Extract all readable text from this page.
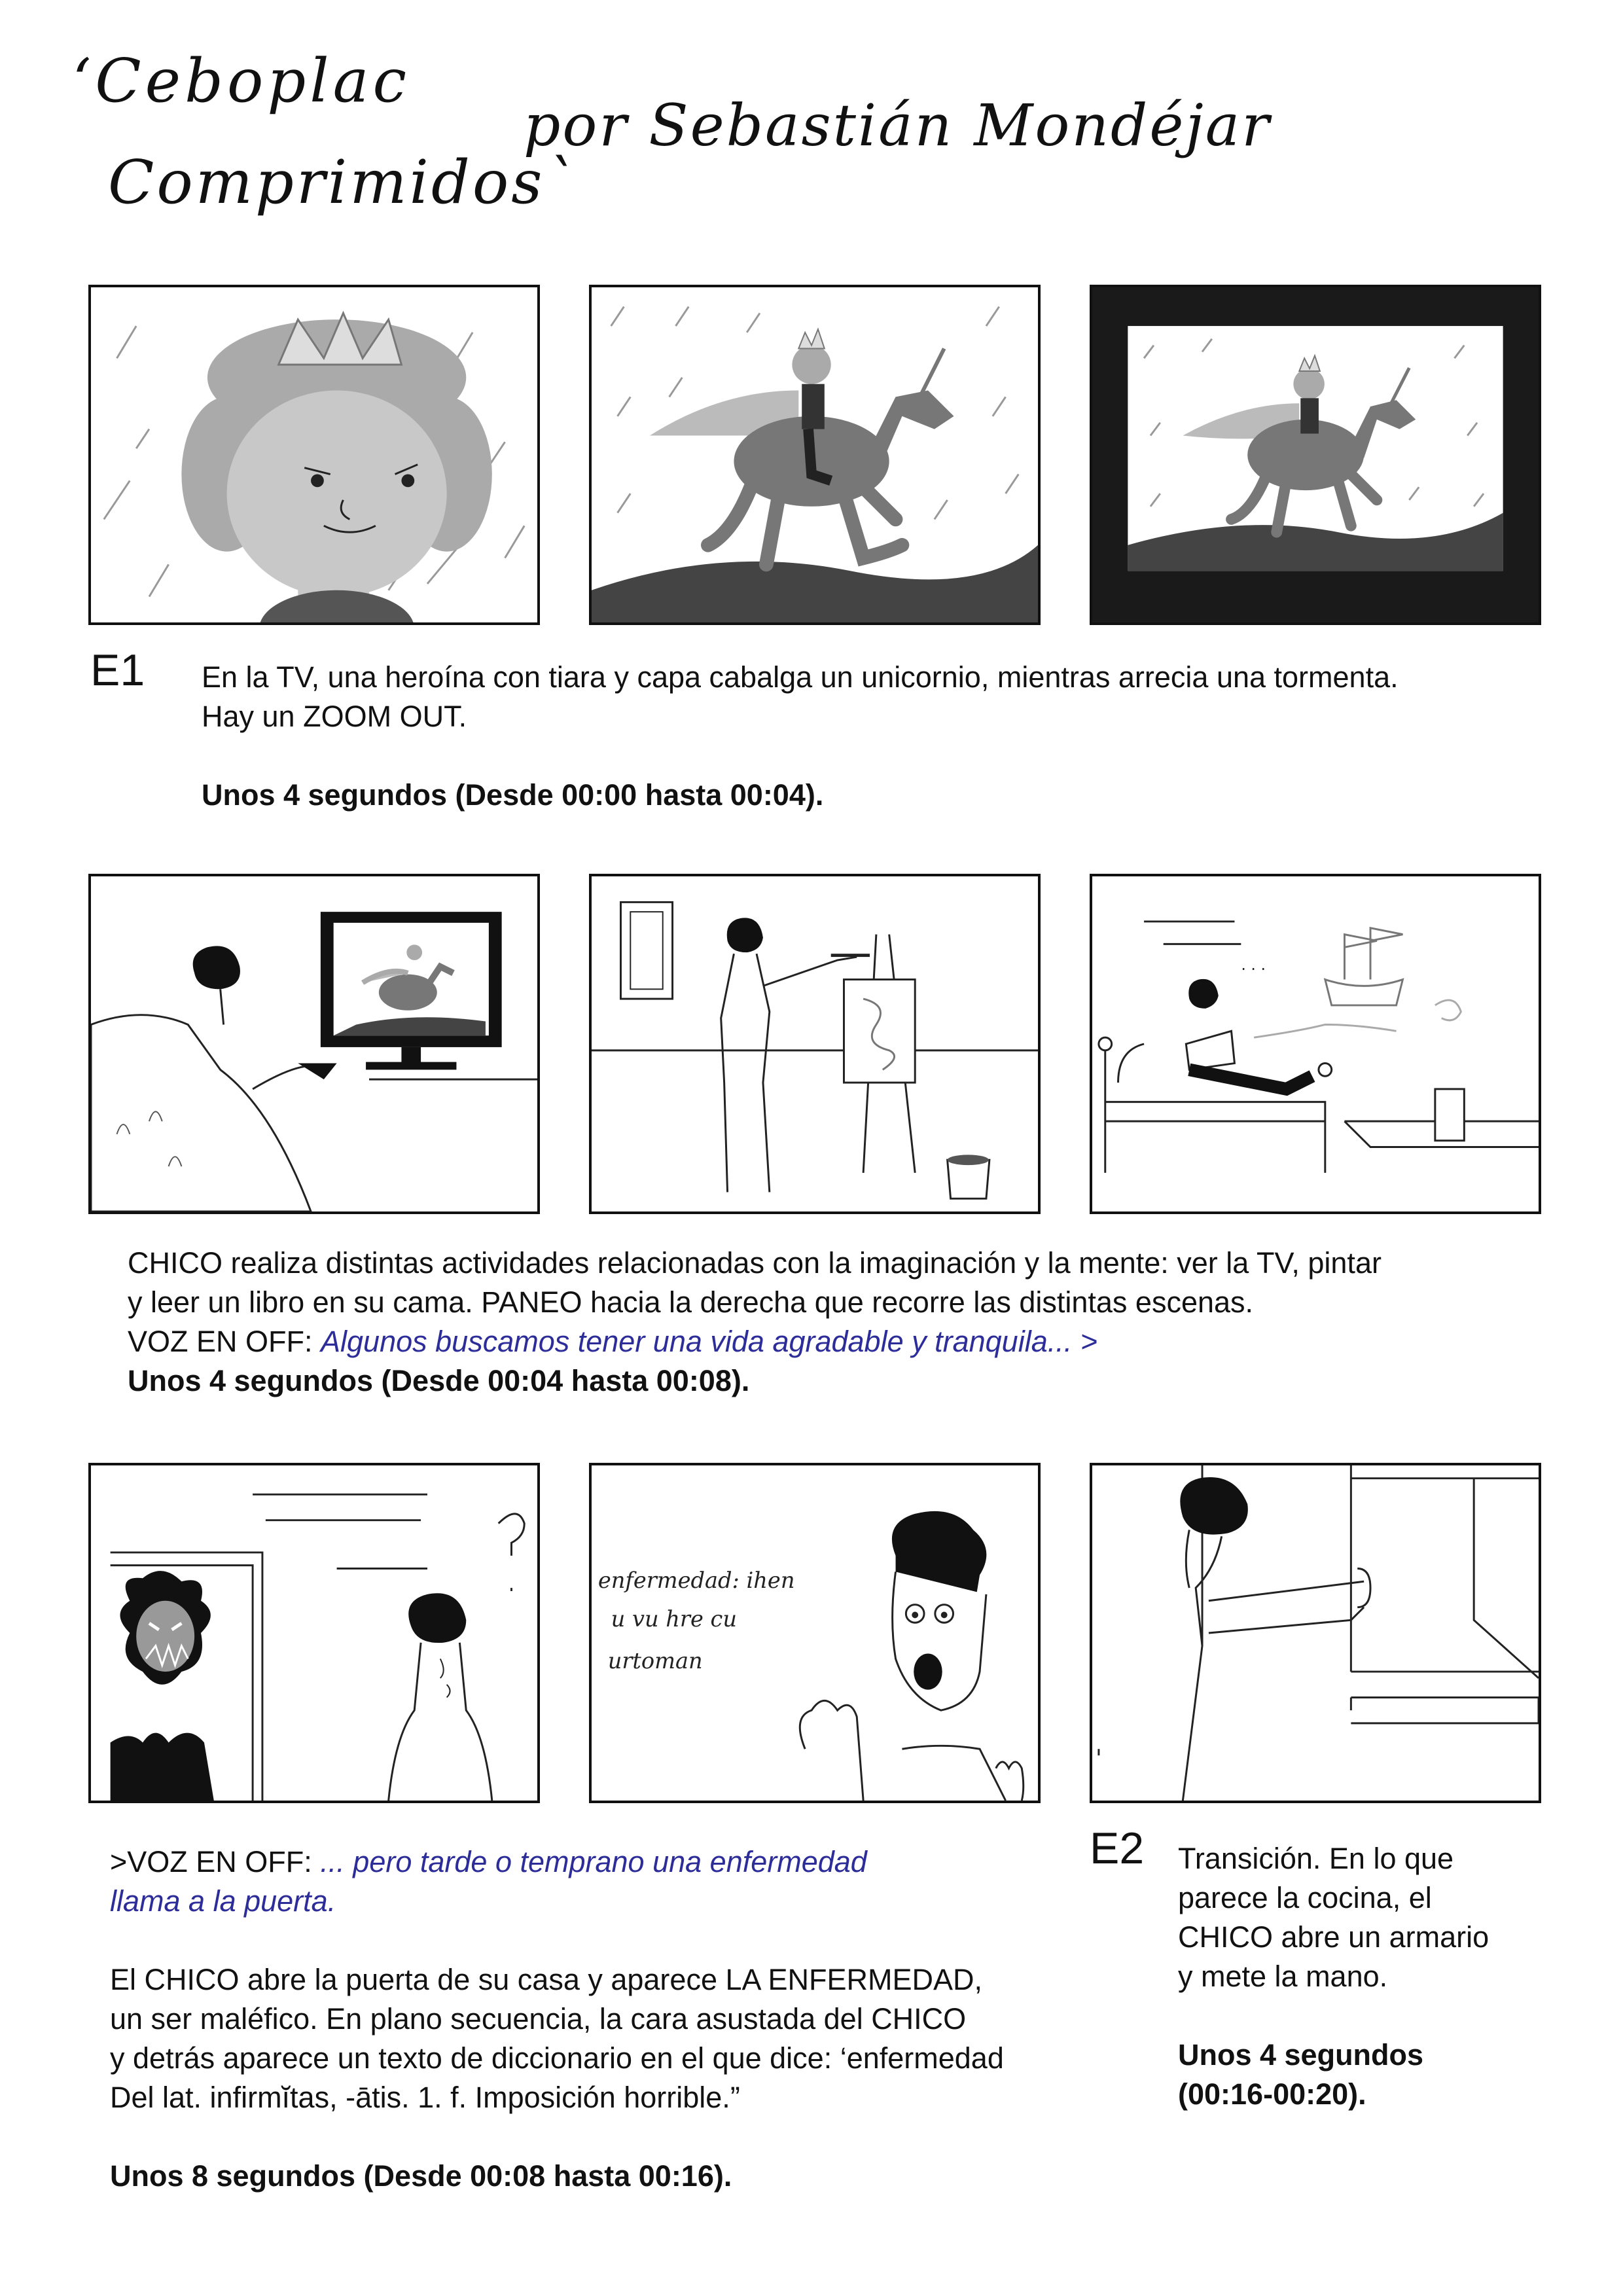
‘Ceboplac
Comprimidos`
por Sebastián Mondéjar
E1 En la TV, una heroína con tiara y capa cabalga un unicornio, mientras arrecia una tormenta.

Hay un ZOOM OUT.

Unos 4 segundos (Desde 00:00 hasta 00:04).

. . .

CHICO realiza distintas actividades relacionadas con la imaginación y la mente: ver la TV, pintar

y leer un libro en su cama. PANEO hacia la derecha que recorre las distintas escenas.

VOZ EN OFF: Algunos buscamos tener una vida agradable y tranquila... >

Unos 4 segundos (Desde 00:04 hasta 00:08).

enfermedad: ihen
u vu hre cu
urtoman

>VOZ EN OFF: ... pero tarde o temprano una enfermedad

llama a la puerta.

El CHICO abre la puerta de su casa y aparece LA ENFERMEDAD,

un ser maléfico. En plano secuencia, la cara asustada del CHICO

y detrás aparece un texto de diccionario en el que dice: ‘enfermedad

Del lat. infirmĭtas, -ātis. 1. f. Imposición horrible.”

Unos 8 segundos (Desde 00:08 hasta 00:16).

E2 Transición. En lo que

parece la cocina, el

CHICO abre un armario

y mete la mano.

Unos 4 segundos

(00:16-00:20).
